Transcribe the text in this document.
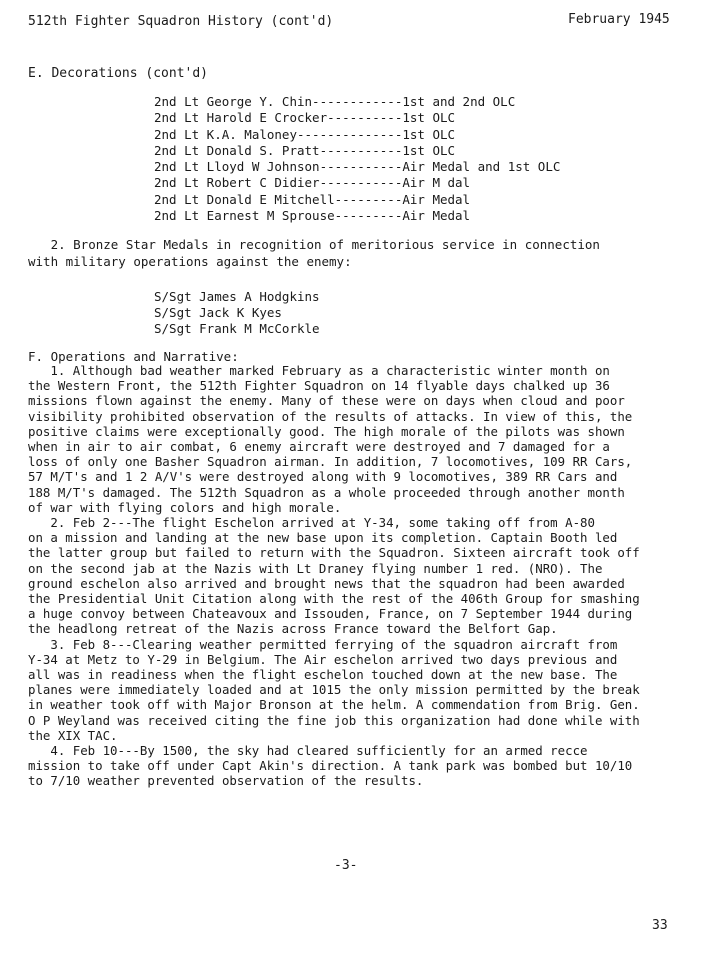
512th Fighter Squadron History (cont'd)	February 1945
E. Decorations (cont'd)
2nd Lt George Y. Chin------------1st and 2nd OLC
2nd Lt Harold E Crocker----------1st OLC
2nd Lt K.A. Maloney--------------1st OLC
2nd Lt Donald S. Pratt-----------1st OLC
2nd Lt Lloyd W Johnson-----------Air Medal and 1st OLC
2nd Lt Robert C Didier-----------Air M dal
2nd Lt Donald E Mitchell---------Air Medal
2nd Lt Earnest M Sprouse---------Air Medal
2. Bronze Star Medals in recognition of meritorious service in connection
with military operations against the enemy:
S/Sgt James A Hodgkins
S/Sgt Jack K Kyes
S/Sgt Frank M McCorkle
F. Operations and Narrative:
1. Although bad weather marked February as a characteristic winter month on
the Western Front, the 512th Fighter Squadron on 14 flyable days chalked up 36
missions flown against the enemy. Many of these were on days when cloud and poor
visibility prohibited observation of the results of attacks. In view of this, the
positive claims were exceptionally good. The high morale of the pilots was shown
when in air to air combat, 6 enemy aircraft were destroyed and 7 damaged for a
loss of only one Basher Squadron airman. In addition, 7 locomotives, 109 RR Cars,
57 M/T's and 1 2 A/V's were destroyed along with 9 locomotives, 389 RR Cars and
188 M/T's damaged. The 512th Squadron as a whole proceeded through another month
of war with flying colors and high morale.
2. Feb 2---The flight Eschelon arrived at Y-34, some taking off from A-80
on a mission and landing at the new base upon its completion. Captain Booth led
the latter group but failed to return with the Squadron. Sixteen aircraft took off
on the second jab at the Nazis with Lt Draney flying number 1 red. (NRO). The
ground eschelon also arrived and brought news that the squadron had been awarded
the Presidential Unit Citation along with the rest of the 406th Group for smashing
a huge convoy between Chateavoux and Issouden, France, on 7 September 1944 during
the headlong retreat of the Nazis across France toward the Belfort Gap.
3. Feb 8---Clearing weather permitted ferrying of the squadron aircraft from
Y-34 at Metz to Y-29 in Belgium. The Air eschelon arrived two days previous and
all was in readiness when the flight eschelon touched down at the new base. The
planes were immediately loaded and at 1015 the only mission permitted by the break
in weather took off with Major Bronson at the helm. A commendation from Brig. Gen.
O P Weyland was received citing the fine job this organization had done while with
the XIX TAC.
4. Feb 10---By 1500, the sky had cleared sufficiently for an armed recce
mission to take off under Capt Akin's direction. A tank park was bombed but 10/10
to 7/10 weather prevented observation of the results.
-3-
33
